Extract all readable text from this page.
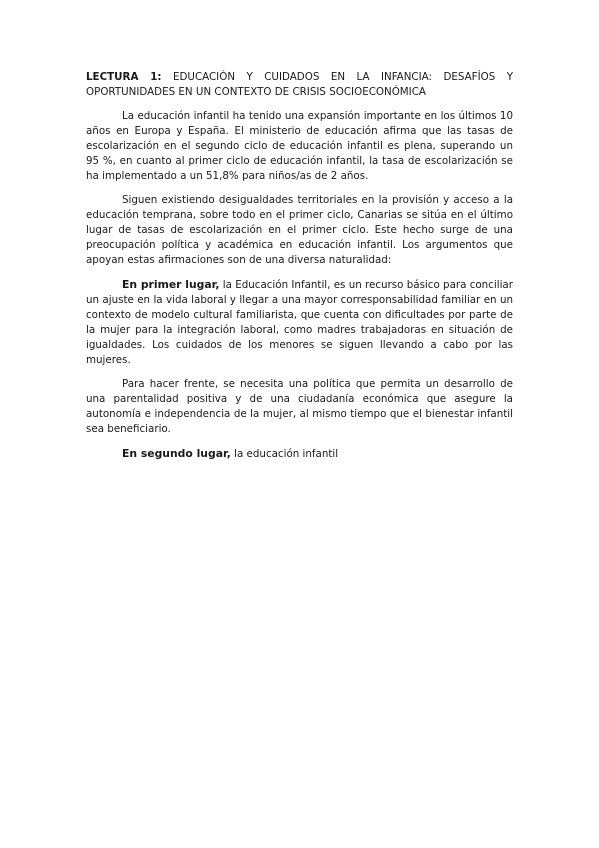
LECTURA 1: EDUCACIÓN Y CUIDADOS EN LA INFANCIA: DESAFÍOS Y OPORTUNIDADES EN UN CONTEXTO DE CRISIS SOCIOECONÓMICA

La educación infantil ha tenido una expansión importante en los últimos 10 años en Europa y España. El ministerio de educación afirma que las tasas de escolarización en el segundo ciclo de educación infantil es plena, superando un 95 %, en cuanto al primer ciclo de educación infantil, la tasa de escolarización se ha implementado a un 51,8% para niños/as de 2 años.

Siguen existiendo desigualdades territoriales en la provisión y acceso a la educación temprana, sobre todo en el primer ciclo, Canarias se sitúa en el último lugar de tasas de escolarización en el primer ciclo. Este hecho surge de una preocupación política y académica en educación infantil. Los argumentos que apoyan estas afirmaciones son de una diversa naturalidad:

En primer lugar, la Educación Infantil, es un recurso básico para conciliar un ajuste en la vida laboral y llegar a una mayor corresponsabilidad familiar en un contexto de modelo cultural familiarista, que cuenta con dificultades por parte de la mujer para la integración laboral, como madres trabajadoras en situación de igualdades. Los cuidados de los menores se siguen llevando a cabo por las mujeres.

Para hacer frente, se necesita una política que permita un desarrollo de una parentalidad positiva y de una ciudadanía económica que asegure la autonomía e independencia de la mujer, al mismo tiempo que el bienestar infantil sea beneficiario.

En segundo lugar, la educación infantil
